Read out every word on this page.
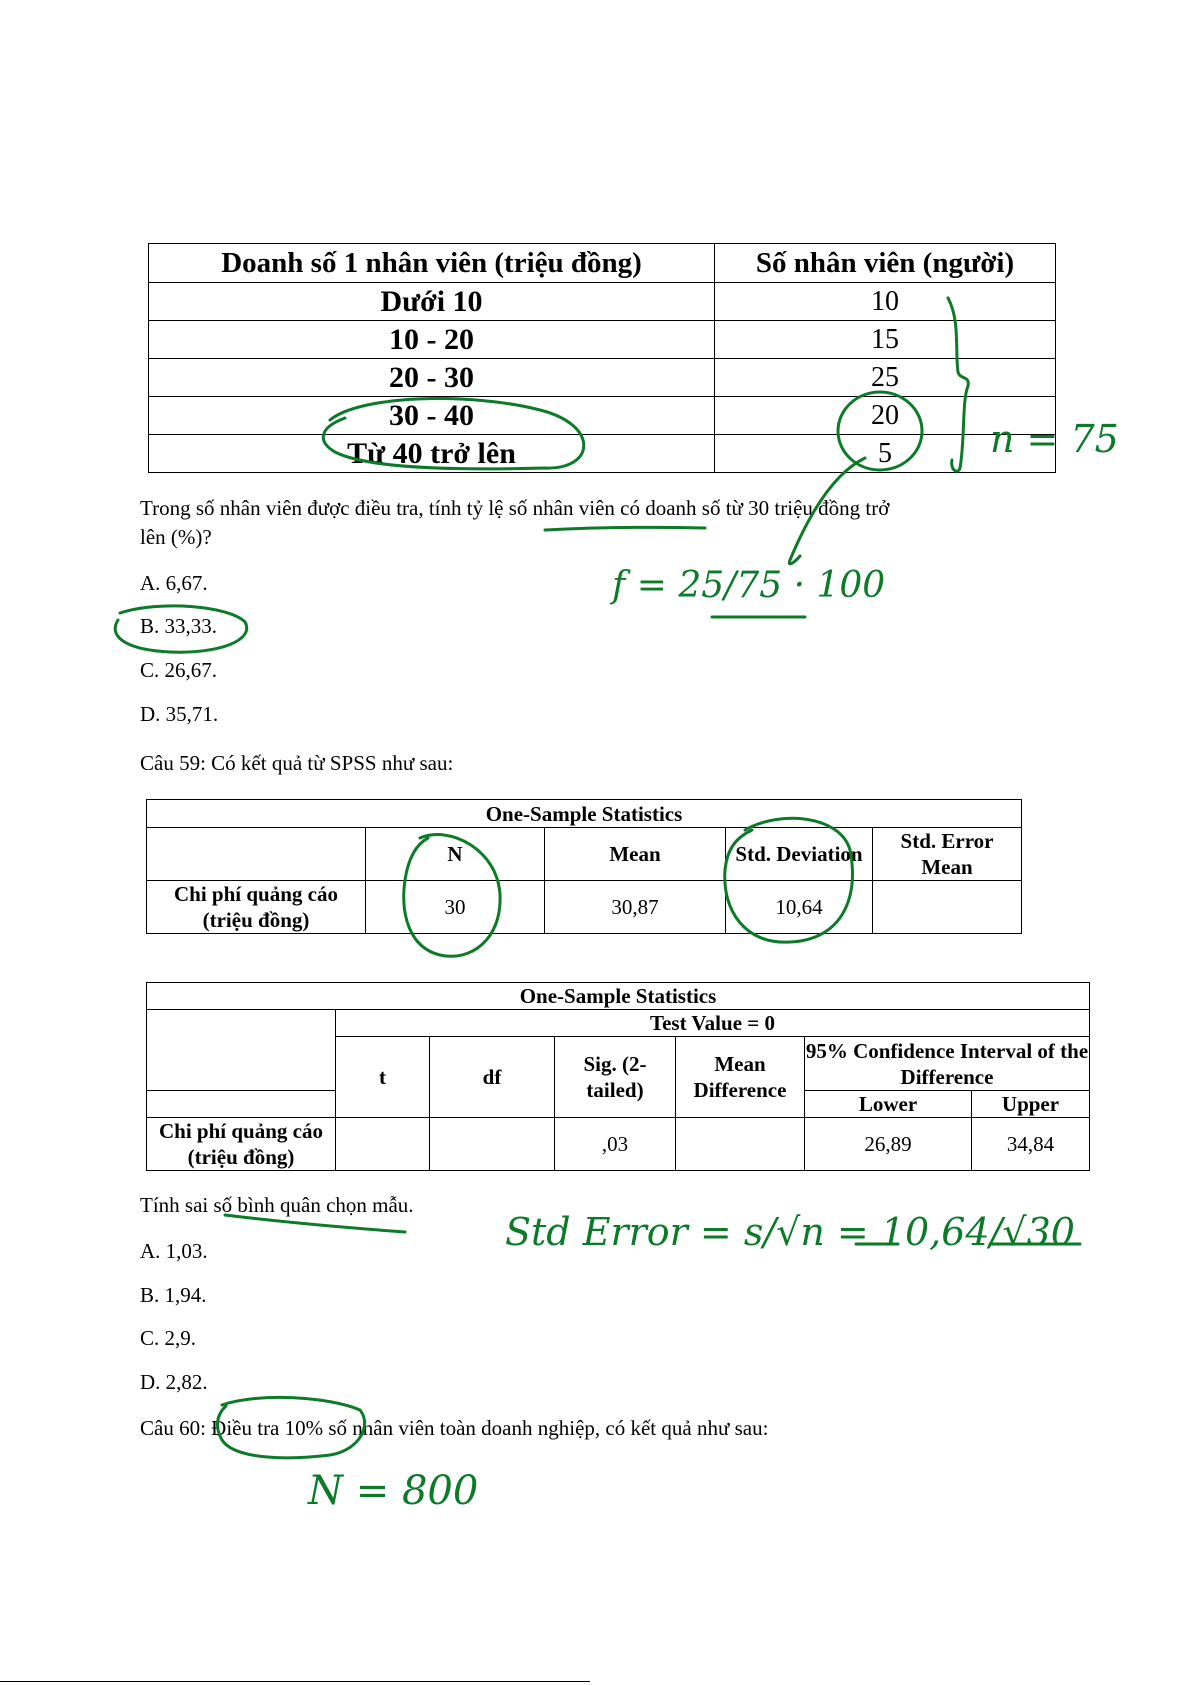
Doanh số 1 nhân viên (triệu đồng)	Số nhân viên (người)
Dưới 10	10
10 - 20	15
20 - 30	25
30 - 40	20
Từ 40 trở lên	5
Trong số nhân viên được điều tra, tính tỷ lệ số nhân viên có doanh số từ 30 triệu đồng trở
lên (%)?
A. 6,67.
B. 33,33.
C. 26,67.
D. 35,71.
Câu 59: Có kết quả từ SPSS như sau:
One-Sample Statistics				
	N	Mean	Std. Deviation	Std. Error Mean
Chi phí quảng cáo (triệu đồng)	30	30,87	10,64	
One-Sample Statistics						
	Test Value = 0					
	t	df	Sig. (2-tailed)	Mean Difference	95% Confidence Interval of the Difference	
					Lower	Upper
Chi phí quảng cáo (triệu đồng)			,03		26,89	34,84
Tính sai số bình quân chọn mẫu.
A. 1,03.
B. 1,94.
C. 2,9.
D. 2,82.
Câu 60: Điều tra 10% số nhân viên toàn doanh nghiệp, có kết quả như sau:
n = 75
f = 25/75 · 100
Std Error = s/√n = 10,64/√30
N = 800
